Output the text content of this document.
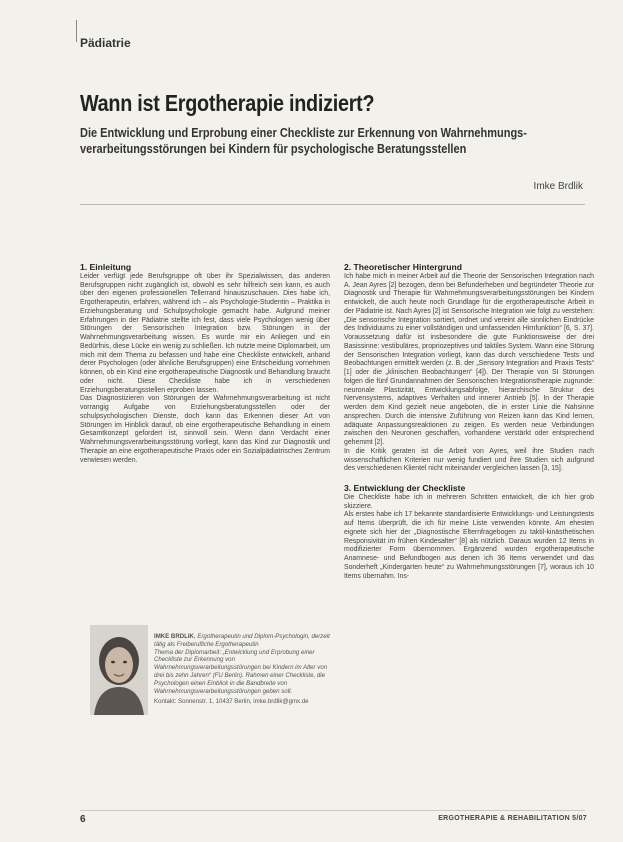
Pädiatrie
Wann ist Ergotherapie indiziert?
Die Entwicklung und Erprobung einer Checkliste zur Erkennung von Wahrnehmungs- verarbeitungsstörungen bei Kindern für psychologische Beratungsstellen
Imke Brdlik
1. Einleitung

Leider verfügt jede Berufsgruppe oft über ihr Spezialwissen, das anderen Berufsgruppen nicht zugänglich ist, obwohl es sehr hilfreich sein kann, es auch über den eigenen professionellen Tellerrand hinauszuschauen. Dies habe ich, Ergotherapeutin, erfahren, während ich – als Psychologie-Studentin – Praktika in Erziehungsberatung und Schulpsychologie gemacht habe. Aufgrund meiner Erfahrungen in der Pädiatrie stellte ich fest, dass viele Psychologen wenig über Störungen der Sensorischen Integration bzw. Störungen in der Wahrnehmungsverarbeitung wissen. Es wurde mir ein Anliegen und ein Bedürfnis, diese Lücke ein wenig zu schließen. Ich nutzte meine Diplomarbeit, um mich mit dem Thema zu befassen und habe eine Checkliste entwickelt, anhand derer Psychologen (oder ähnliche Berufsgruppen) eine Entscheidung vornehmen können, ob ein Kind eine ergotherapeutische Diagnostik und Behandlung braucht oder nicht. Diese Checkliste habe ich in verschiedenen Erziehungsberatungsstellen erproben lassen.

Das Diagnostizieren von Störungen der Wahrnehmungsverarbeitung ist nicht vorrangig Aufgabe von Erziehungsberatungsstellen oder der schulpsychologischen Dienste, doch kann das Erkennen dieser Art von Störungen im Hinblick darauf, ob eine ergotherapeutische Behandlung in einem Gesamtkonzept gefordert ist, sinnvoll sein. Wenn dann Verdacht einer Wahrnehmungsverarbeitungsstörung vorliegt, kann das Kind zur Diagnostik und Therapie an eine ergotherapeutische Praxis oder ein Sozialpädiatrisches Zentrum verwiesen werden.

2. Theoretischer Hintergrund

Ich habe mich in meiner Arbeit auf die Theorie der Sensorischen Integration nach A. Jean Ayres [2] bezogen, denn bei Befunderheben und begründeter Theorie zur Diagnostik und Therapie für Wahrnehmungsverarbeitungsstörungen bei Kindern entwickelt, die auch heute noch Grundlage für die ergotherapeutische Arbeit in der Pädiatrie ist. Nach Ayres [2] ist Sensorische Integration wie folgt zu verstehen: „Die sensorische Integration sortiert, ordnet und vereint alle sinnlichen Eindrücke des Individuums zu einer vollständigen und umfassenden Hirnfunktion“ [6, S. 37]. Voraussetzung dafür ist insbesondere die gute Funktionsweise der drei Basissinne: vestibuläres, propriozeptives und taktiles System. Wann eine Störung der Sensorischen Integration vorliegt, kann das durch verschiedene Tests und Beobachtungen ermittelt werden (z. B. der „Sensory Integration and Praxis Tests“ [1] oder die „klinischen Beobachtungen“ [4]). Der Therapie von SI Störungen folgen die fünf Grundannahmen der Sensorischen Integrationstherapie zugrunde: neuronale Plastizität, Entwicklungsabfolge, hierarchische Struktur des Nervensystems, adaptives Verhalten und innerer Antrieb [5]. In der Therapie werden dem Kind gezielt neue angeboten, die in erster Linie die Nahsinne ansprechen. Durch die intensive Zuführung von Reizen kann das Kind lernen, adäquate Anpassungsreaktionen zu zeigen. Es werden neue Verbindungen zwischen den Neuronen geschaffen, vorhandene verstärkt oder entsprechend gehemmt [2].

In die Kritik geraten ist die Arbeit von Ayres, weil ihre Studien nach wissenschaftlichen Kriterien nur wenig fundiert und ihre Studien sich aufgrund des verschiedenen Klientel nicht miteinander vergleichen lassen [3, 15].

3. Entwicklung der Checkliste

Die Checkliste habe ich in mehreren Schritten entwickelt, die ich hier grob skizziere.

Als erstes habe ich 17 bekannte standardisierte Entwicklungs- und Leistungstests auf Items überprüft, die ich für meine Liste verwenden könnte. Am ehesten eignete sich hier der „Diagnostische Elternfragebogen zu taktil-kinästhetischen Responsivität im frühen Kindesalter“ [8] als nützlich. Daraus wurden 12 Items in modifizierter Form übernommen. Ergänzend wurden ergotherapeutische Anamnese- und Befundbogen aus denen ich 36 Items verwendet und das Sonderheft „Kindergarten heute“ zu Wahrnehmungsstörungen [7], woraus ich 10 Items übernahm. Ins-

IMKE BRDLIK, Ergotherapeutin und Diplom-Psychologin, derzeit tätig als Freiberufliche Ergotherapeutin

Thema der Diplomarbeit: „Entwicklung und Erprobung einer Checkliste zur Erkennung von Wahrnehmungsverarbeitungsstörungen bei Kindern im Alter von drei bis zehn Jahren“ (FU Berlin). Rahmen einer Checkliste, die Psychologen einen Einblick in die Bandbreite von Wahrnehmungsverarbeitungsstörungen geben soll.

Kontakt: Sonnenstr. 1, 10437 Berlin, imke.brdlik@gmx.de

6	ERGOTHERAPIE & REHABILITATION 5/07
